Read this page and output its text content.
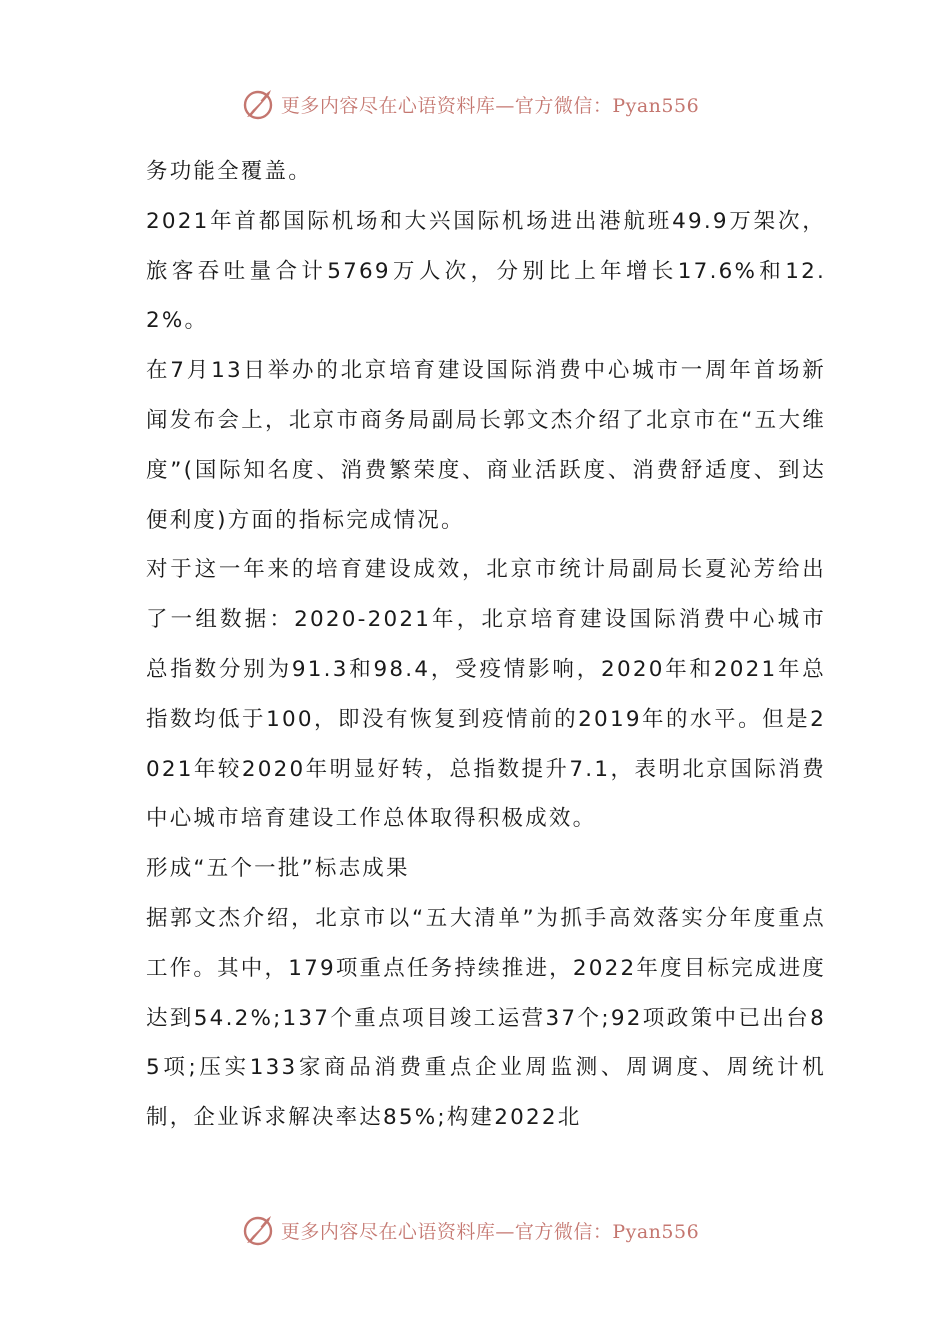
更多内容尽在心语资料库—官方微信：Pyan556

务功能全覆盖。

2021年首都国际机场和大兴国际机场进出港航班49.9万架次，旅客吞吐量合计5769万人次，分别比上年增长17.6%和12.2%。

在7月13日举办的北京培育建设国际消费中心城市一周年首场新闻发布会上，北京市商务局副局长郭文杰介绍了北京市在“五大维度”(国际知名度、消费繁荣度、商业活跃度、消费舒适度、到达便利度)方面的指标完成情况。

对于这一年来的培育建设成效，北京市统计局副局长夏沁芳给出了一组数据：2020-2021年，北京培育建设国际消费中心城市总指数分别为91.3和98.4，受疫情影响，2020年和2021年总指数均低于100，即没有恢复到疫情前的2019年的水平。但是2021年较2020年明显好转，总指数提升7.1，表明北京国际消费中心城市培育建设工作总体取得积极成效。

形成“五个一批”标志成果

据郭文杰介绍，北京市以“五大清单”为抓手高效落实分年度重点工作。其中，179项重点任务持续推进，2022年度目标完成进度达到54.2%;137个重点项目竣工运营37个;92项政策中已出台85项;压实133家商品消费重点企业周监测、周调度、周统计机制，企业诉求解决率达85%;构建2022北

更多内容尽在心语资料库—官方微信：Pyan556
